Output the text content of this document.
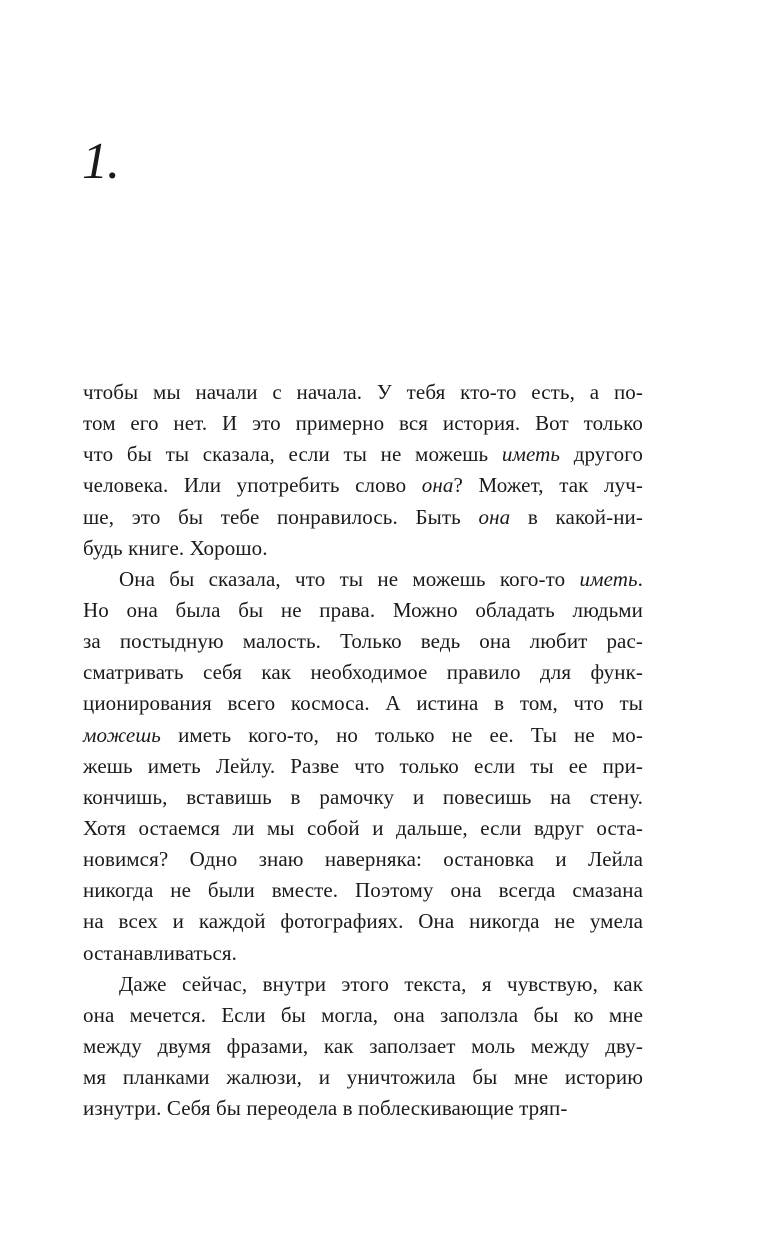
1.
чтобы мы начали с начала. У тебя кто-то есть, а по-
том его нет. И это примерно вся история. Вот только
что бы ты сказала, если ты не можешь иметь другого
человека. Или употребить слово она? Может, так луч-
ше, это бы тебе понравилось. Быть она в какой-ни-
будь книге. Хорошо.
Она бы сказала, что ты не можешь кого-то иметь.
Но она была бы не права. Можно обладать людьми
за постыдную малость. Только ведь она любит рас-
сматривать себя как необходимое правило для функ-
ционирования всего космоса. А истина в том, что ты
можешь иметь кого-то, но только не ее. Ты не мо-
жешь иметь Лейлу. Разве что только если ты ее при-
кончишь, вставишь в рамочку и повесишь на стену.
Хотя остаемся ли мы собой и дальше, если вдруг оста-
новимся? Одно знаю наверняка: остановка и Лейла
никогда не были вместе. Поэтому она всегда смазана
на всех и каждой фотографиях. Она никогда не умела
останавливаться.
Даже сейчас, внутри этого текста, я чувствую, как
она мечется. Если бы могла, она заползла бы ко мне
между двумя фразами, как заползает моль между дву-
мя планками жалюзи, и уничтожила бы мне историю
изнутри. Себя бы переодела в поблескивающие тряп-
